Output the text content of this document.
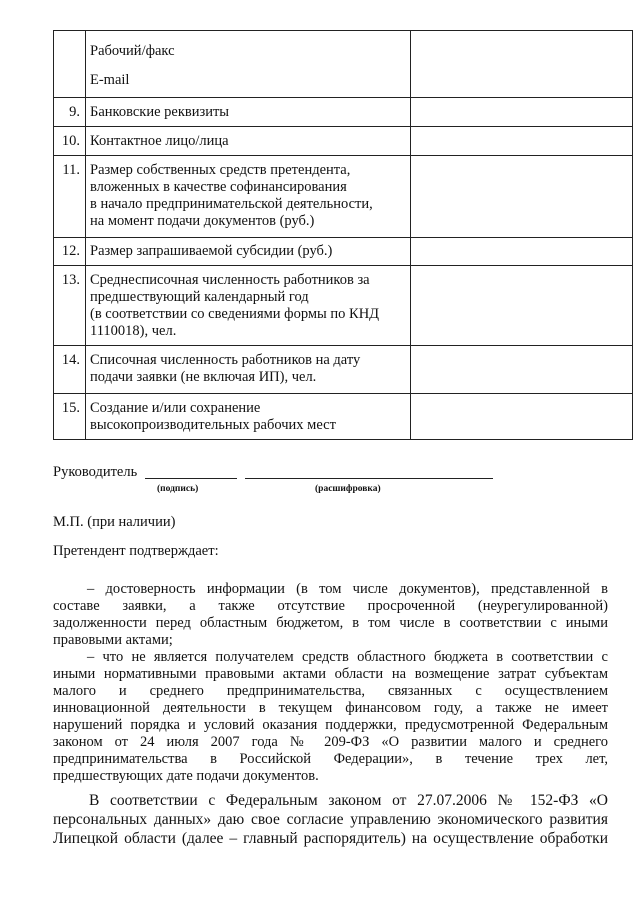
	Рабочий/факс
E-mail	

9.	Банковские реквизиты	

10.	Контактное лицо/лица	

11.	Размер собственных средств претендента,
вложенных в качестве софинансирования
в начало предпринимательской деятельности,
на момент подачи документов (руб.)	

12.	Размер запрашиваемой субсидии (руб.)	

13.	Среднесписочная численность работников за
предшествующий календарный год
(в соответствии со сведениями формы по КНД
1110018), чел.	

14.	Списочная численность работников на дату
подачи заявки (не включая ИП), чел.	

15.	Создание и/или сохранение
высокопроизводительных рабочих мест	

Руководитель
(подпись)	(расшифровка)
М.П. (при наличии)
Претендент подтверждает:
– достоверность информации (в том числе документов), представленной в
составе заявки, а также отсутствие просроченной (неурегулированной)
задолженности перед областным бюджетом, в том числе в соответствии с иными
правовыми актами;
– что не является получателем средств областного бюджета в соответствии с
иными нормативными правовыми актами области на возмещение затрат субъектам
малого и среднего предпринимательства, связанных с осуществлением
инновационной деятельности в текущем финансовом году, а также не имеет
нарушений порядка и условий оказания поддержки, предусмотренной Федеральным
законом от 24 июля 2007 года № 209-ФЗ «О развитии малого и среднего
предпринимательства в Российской Федерации», в течение трех лет,
предшествующих дате подачи документов.
В соответствии с Федеральным законом от 27.07.2006 № 152-ФЗ «О
персональных данных» даю свое согласие управлению экономического развития
Липецкой области (далее – главный распорядитель) на осуществление обработки
